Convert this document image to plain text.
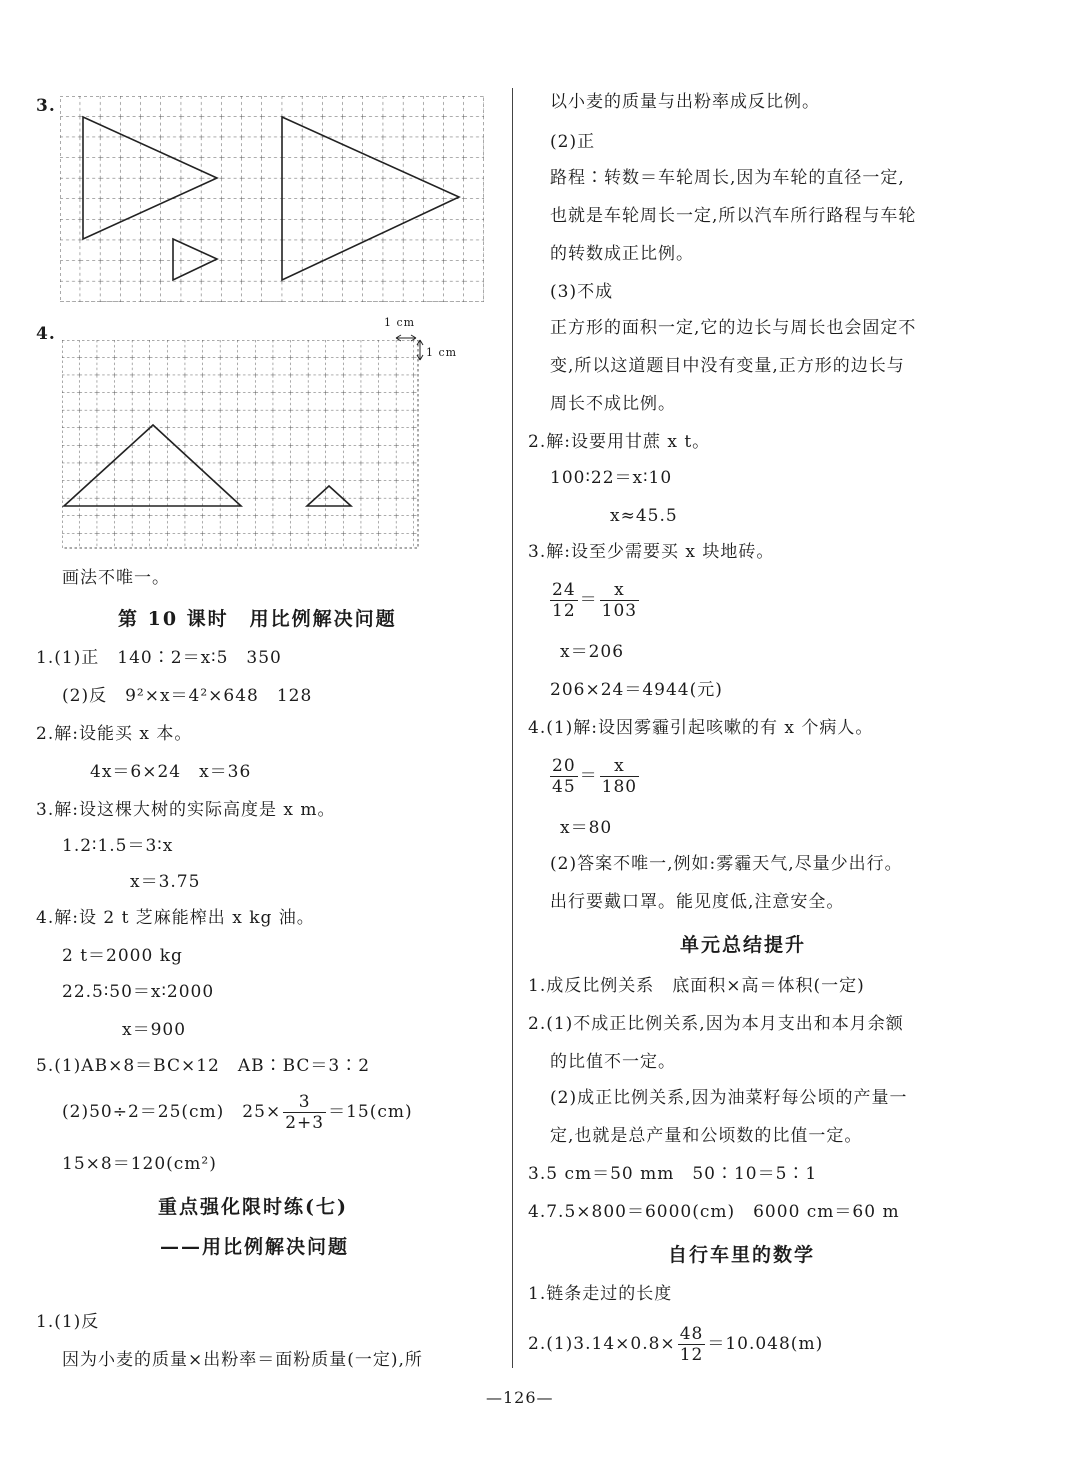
3.
4.
1 cm
1 cm
画法不唯一。
第 10 课时　用比例解决问题
1.(1)正　140∶2＝x∶5　350
(2)反　9²×x＝4²×648　128
2.解:设能买 x 本。
4x＝6×24　x＝36
3.解:设这棵大树的实际高度是 x m。
1.2∶1.5＝3∶x
x＝3.75
4.解:设 2 t 芝麻能榨出 x kg 油。
2 t＝2000 kg
22.5∶50＝x∶2000
x＝900
5.(1)AB×8＝BC×12　AB∶BC＝3∶2
(2)50÷2＝25(cm)　$25\times \frac{3}{2+3} =15(cm)$
15×8＝120(cm²)
重点强化限时练(七)
——用比例解决问题
1.(1)反
因为小麦的质量×出粉率＝面粉质量(一定),所
以小麦的质量与出粉率成反比例。
(2)正
路程∶转数＝车轮周长,因为车轮的直径一定,
也就是车轮周长一定,所以汽车所行路程与车轮
的转数成正比例。
(3)不成
正方形的面积一定,它的边长与周长也会固定不
变,所以这道题目中没有变量,正方形的边长与
周长不成比例。
2.解:设要用甘蔗 x t。
100∶22＝x∶10
x≈45.5
3.解:设至少需要买 x 块地砖。
$\frac{24}{12} = \frac{x}{103}$
x＝206
206×24＝4944(元)
4.(1)解:设因雾霾引起咳嗽的有 x 个病人。
$\frac{20}{45} = \frac{x}{180}$
x＝80
(2)答案不唯一,例如:雾霾天气,尽量少出行。
出行要戴口罩。能见度低,注意安全。
单元总结提升
1.成反比例关系　底面积×高＝体积(一定)
2.(1)不成正比例关系,因为本月支出和本月余额
的比值不一定。
(2)成正比例关系,因为油菜籽每公顷的产量一
定,也就是总产量和公顷数的比值一定。
3.5 cm＝50 mm　50∶10＝5∶1
4.7.5×800＝6000(cm)　6000 cm＝60 m
自行车里的数学
1.链条走过的长度
$2.(1)3.14\times 0.8\times \frac{48}{12} =10.048(m)$
—126—
